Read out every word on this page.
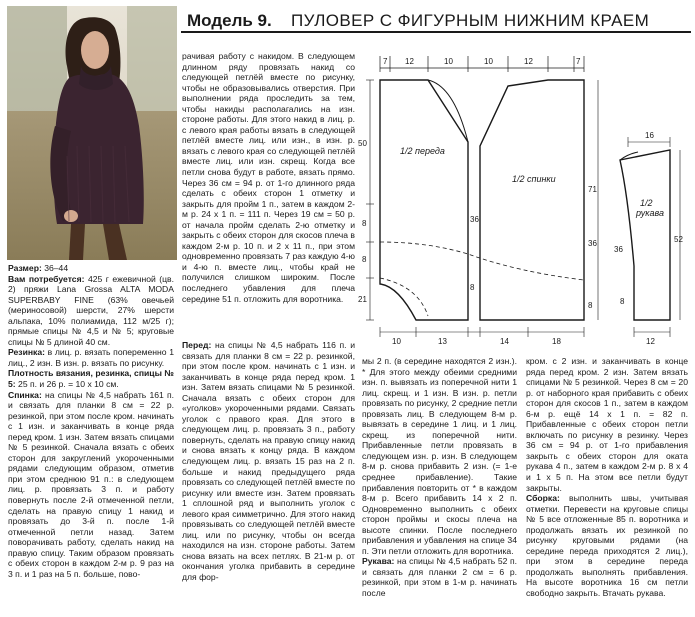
Модель 9. ПУЛОВЕР С ФИГУРНЫМ НИЖНИМ КРАЕМ

Размер: 36–44

Вам потребуется: 425 г ежевичной (цв. 2) пряжи Lana Grossa ALTA MODA SUPERBABY FINE (63% овечьей (мериносовой) шерсти, 27% шерсти альпака, 10% полиамида, 112 м/25 г); прямые спицы № 4,5 и № 5; круговые спицы № 5 длиной 40 см.

Резинка: в лиц. р. вязать попеременно 1 лиц., 2 изн. В изн. р. вязать по рисунку.

Плотность вязания, резинка, спицы № 5: 25 п. и 26 р. = 10 х 10 см.

Спинка: на спицы № 4,5 набрать 161 п. и связать для планки 8 см = 22 р. резинкой, при этом после кром. начинать с 1 изн. и заканчивать в конце ряда перед кром. 1 изн. Затем вязать спицами № 5 резинкой. Сначала вязать с обеих сторон для закруглений укороченными рядами следующим образом, отметив при этом среднюю 91 п.: в следующем лиц. р. провязать 3 п. и работу повернуть после 2-й отмеченной петли, сделать на правую спицу 1 накид и провязать до 3-й п. после 1-й отмеченной петли назад. Затем поворачивать работу, сделать накид на правую спицу. Таким образом провязать с обеих сторон в каждом 2-м р. 9 раз на 3 п. и 1 раз на 5 п. больше, пово-

рачивая работу с накидом. В следующем длинном ряду провязать накид со следующей петлёй вместе по рисунку, чтобы не образовывались отверстия. При выполнении ряда проследить за тем, чтобы накиды располагались на изн. стороне работы. Для этого накид в лиц. р. с левого края работы вязать в следующей петлёй вместе лиц. или изн., в изн. р. вязать с левого края со следующей петлёй вместе лиц. или изн. скрещ. Когда все петли снова будут в работе, вязать прямо. Через 36 см = 94 р. от 1-го длинного ряда сделать с обеих сторон 1 отметку и закрыть для пройм 1 п., затем в каждом 2-м р. 24 х 1 п. = 111 п. Через 19 см = 50 р. от начала пройм сделать 2-ю отметку и закрыть с обеих сторон для скосов плеча в каждом 2-м р. 10 п. и 2 х 11 п., при этом одновременно провязать 7 раз каждую 4-ю и 4-ю п. вместе лиц., чтобы край не получился слишком широким. После последнего убавления для плеча середине 51 п. отложить для воротника.

Перед: на спицы № 4,5 набрать 116 п. и связать для планки 8 см = 22 р. резинкой, при этом после кром. начинать с 1 изн. и заканчивать в конце ряда перед кром. 1 изн. Затем вязать спицами № 5 резинкой. Сначала вязать с обеих сторон для «уголков» укороченными рядами. Связать уголок с правого края. Для этого в следующем лиц. р. провязать 3 п., работу повернуть, сделать на правую спицу накид и снова вязать к концу ряда. В каждом следующем лиц. р. вязать 15 раз на 2 п. больше и накид предыдущего ряда провязать со следующей петлёй вместе по рисунку или вместе изн. Затем провязать 1 сплошной ряд и выполнить уголок с левого края симметрично. Для этого накид провязывать со следующей петлёй вместе лиц. или по рисунку, чтобы он всегда находился на изн. стороне работы. Затем снова вязать на всех петлях. В 21-м р. от окончания уголка прибавить в середине для фор-

мы 2 п. (в середине находятся 2 изн.). * Для этого между обеими средними изн. п. вывязать из поперечной нити 1 лиц. скрещ. и 1 изн. В изн. р. петли провязать по рисунку, 2 средние петли провязать лиц. В следующем 8-м р. вывязать в середине 1 лиц. и 1 лиц. скрещ. из поперечной нити. Прибавленные петли провязать в следующем изн. р. изн. В следующем 8-м р. снова прибавить 2 изн. (= 1-е среднее прибавление). Такие прибавления повторить от * в каждом 8-м р. Всего прибавить 14 х 2 п. Одновременно выполнить с обеих сторон проймы и скосы плеча на высоте спинки. После последнего прибавления и убавления на спице 34 п. Эти петли отложить для воротника.

Рукава: на спицы № 4,5 набрать 52 п. и связать для планки 2 см = 6 р. резинкой, при этом в 1-м р. начинать после

кром. с 2 изн. и заканчивать в конце ряда перед кром. 2 изн. Затем вязать спицами № 5 резинкой. Через 8 см = 20 р. от наборного края прибавить с обеих сторон для скосов 1 п., затем в каждом 6-м р. ещё 14 х 1 п. = 82 п. Прибавленные с обеих сторон петли включать по рисунку в резинку. Через 36 см = 94 р. от 1-го прибавления закрыть с обеих сторон для оката рукава 4 п., затем в каждом 2-м р. 8 х 4 и 1 х 5 п. На этом все петли будут закрыты.

Сборка: выполнить швы, учитывая отметки. Перевести на круговые спицы № 5 все отложенные 85 п. воротника и продолжать вязать их резинкой по рисунку круговыми рядами (на середине переда приходятся 2 лиц.), при этом в середине переда продолжать выполнять прибавления. На высоте воротника 16 см петли свободно закрыть. Втачать рукава.

7 12	10	10	12	7
1/2 переда
1/2 спинки
1/2
рукава
50
36
8
8
21
8
71
36
8
10	13	14	18
16
36
52
8
12
